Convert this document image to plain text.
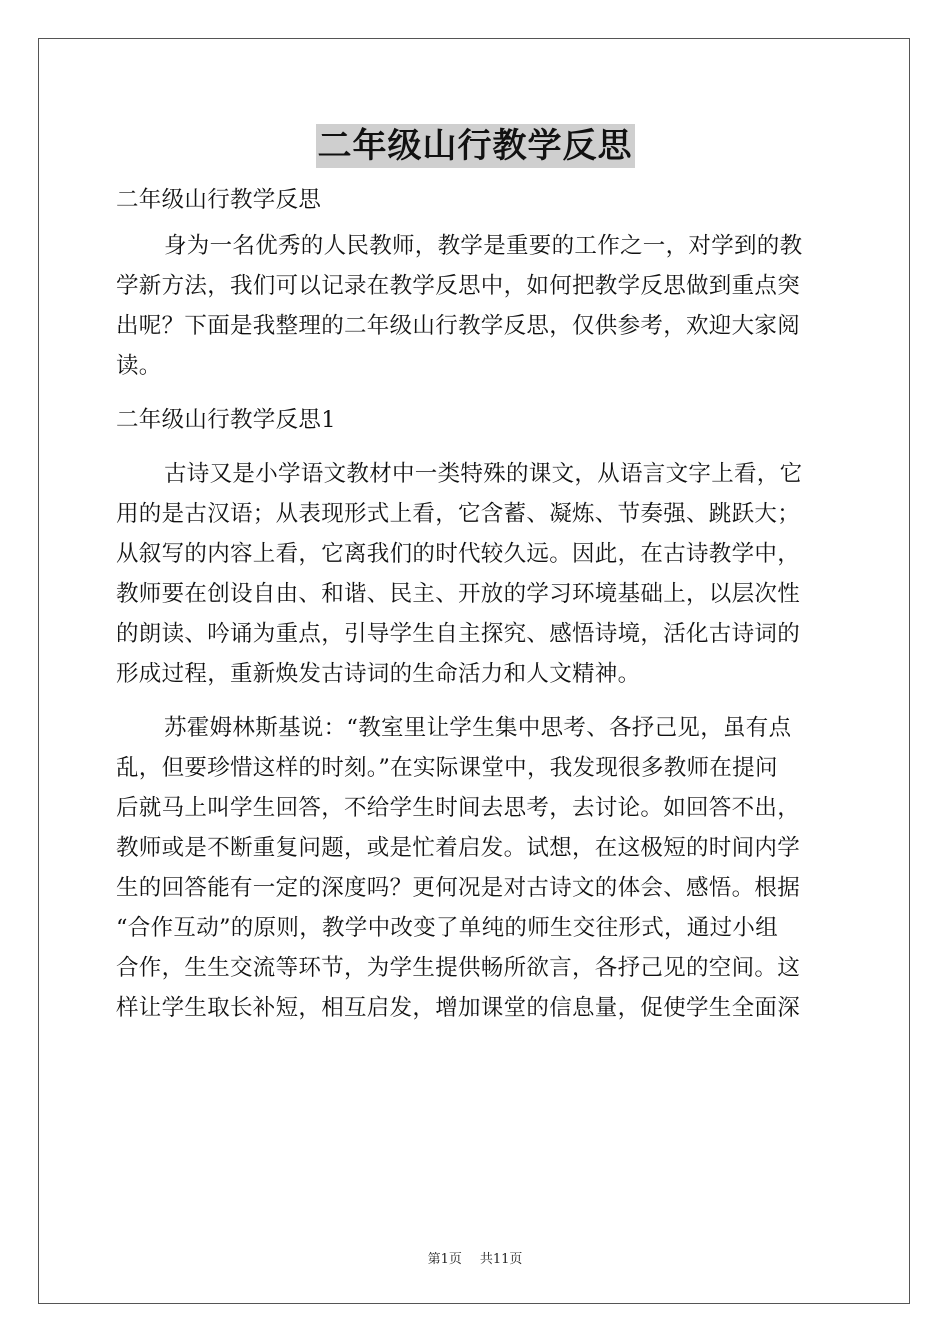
二年级山行教学反思
二年级山行教学反思
身为一名优秀的人民教师，教学是重要的工作之一，对学到的教
学新方法，我们可以记录在教学反思中，如何把教学反思做到重点突
出呢？下面是我整理的二年级山行教学反思，仅供参考，欢迎大家阅
读。
二年级山行教学反思1
古诗又是小学语文教材中一类特殊的课文，从语言文字上看，它
用的是古汉语；从表现形式上看，它含蓄、凝炼、节奏强、跳跃大；
从叙写的内容上看，它离我们的时代较久远。因此，在古诗教学中，
教师要在创设自由、和谐、民主、开放的学习环境基础上，以层次性
的朗读、吟诵为重点，引导学生自主探究、感悟诗境，活化古诗词的
形成过程，重新焕发古诗词的生命活力和人文精神。
苏霍姆林斯基说：“教室里让学生集中思考、各抒己见，虽有点
乱，但要珍惜这样的时刻。”在实际课堂中，我发现很多教师在提问
后就马上叫学生回答，不给学生时间去思考，去讨论。如回答不出，
教师或是不断重复问题，或是忙着启发。试想，在这极短的时间内学
生的回答能有一定的深度吗？更何况是对古诗文的体会、感悟。根据
“合作互动”的原则，教学中改变了单纯的师生交往形式，通过小组
合作，生生交流等环节，为学生提供畅所欲言，各抒己见的空间。这
样让学生取长补短，相互启发，增加课堂的信息量，促使学生全面深
第1页 共11页
